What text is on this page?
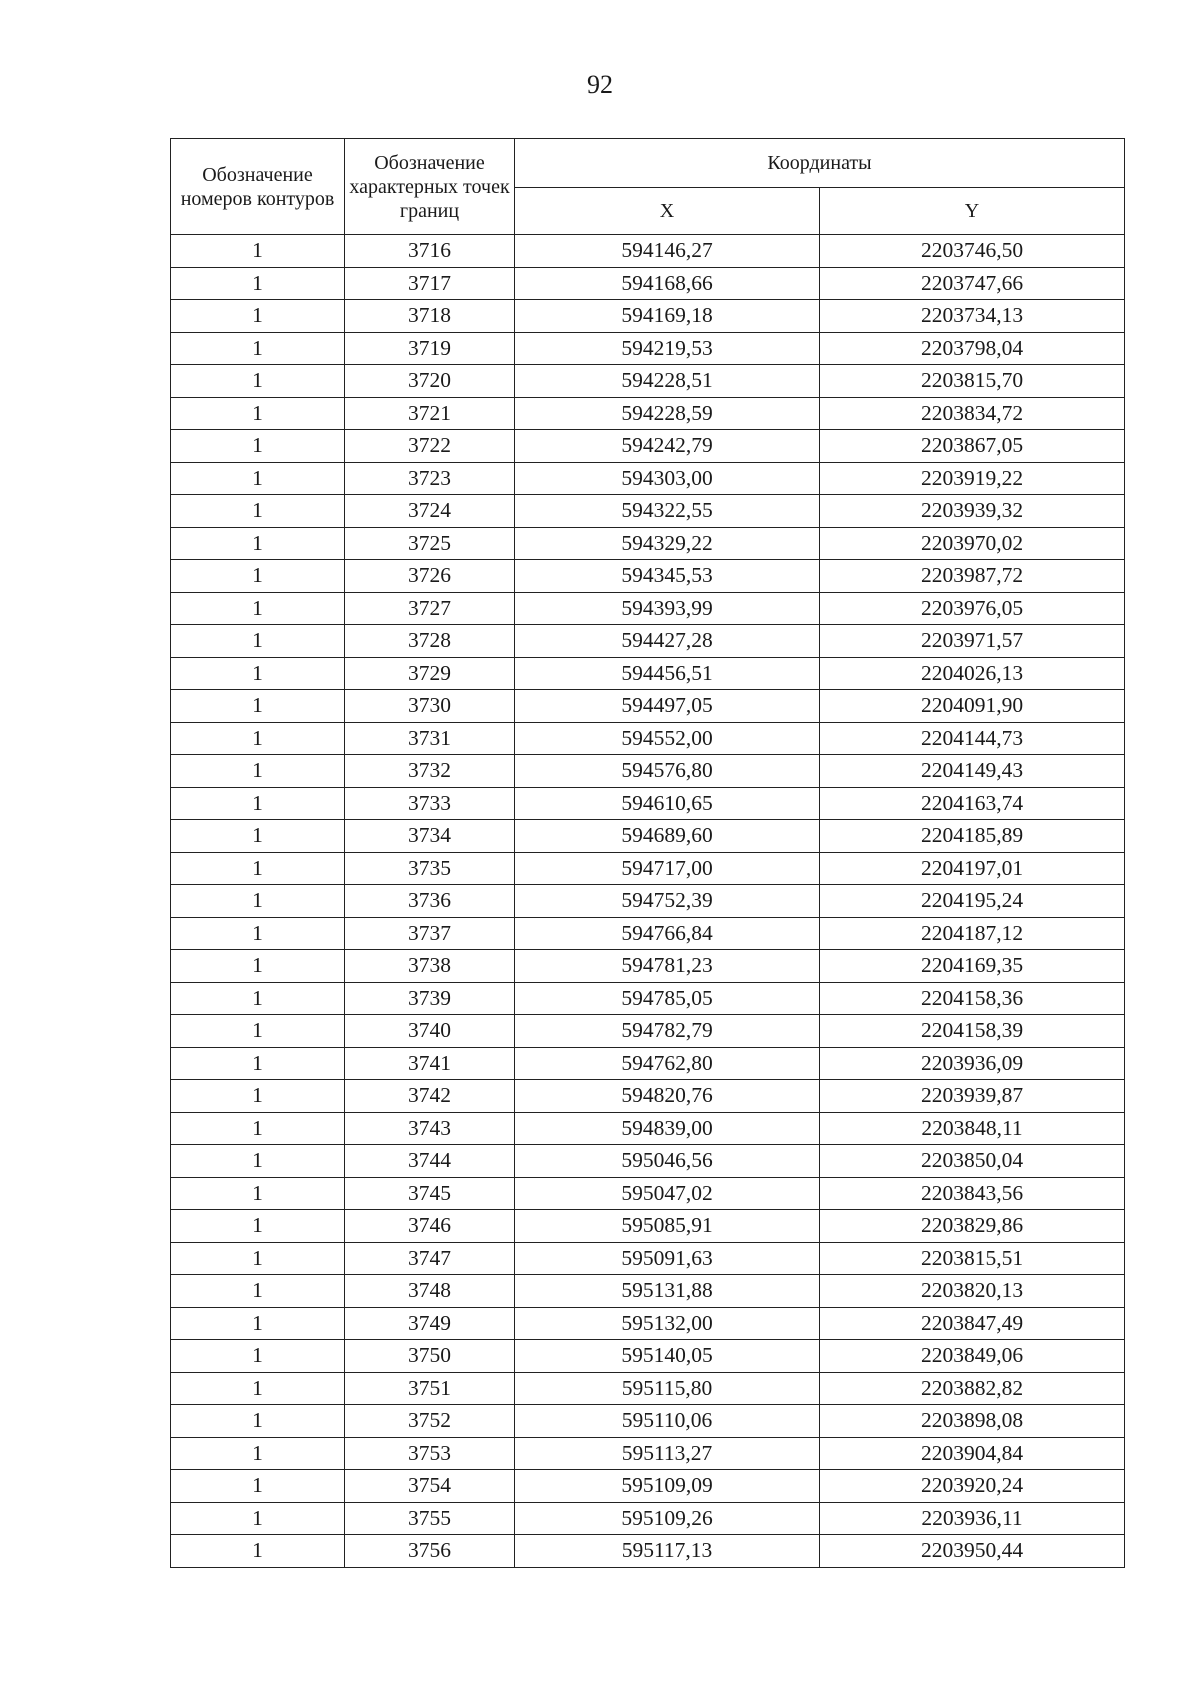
92
Обозначение номеров контуров	Обозначение характерных точек границ	Координаты	
		X	Y
1	3716	594146,27	2203746,50
1	3717	594168,66	2203747,66
1	3718	594169,18	2203734,13
1	3719	594219,53	2203798,04
1	3720	594228,51	2203815,70
1	3721	594228,59	2203834,72
1	3722	594242,79	2203867,05
1	3723	594303,00	2203919,22
1	3724	594322,55	2203939,32
1	3725	594329,22	2203970,02
1	3726	594345,53	2203987,72
1	3727	594393,99	2203976,05
1	3728	594427,28	2203971,57
1	3729	594456,51	2204026,13
1	3730	594497,05	2204091,90
1	3731	594552,00	2204144,73
1	3732	594576,80	2204149,43
1	3733	594610,65	2204163,74
1	3734	594689,60	2204185,89
1	3735	594717,00	2204197,01
1	3736	594752,39	2204195,24
1	3737	594766,84	2204187,12
1	3738	594781,23	2204169,35
1	3739	594785,05	2204158,36
1	3740	594782,79	2204158,39
1	3741	594762,80	2203936,09
1	3742	594820,76	2203939,87
1	3743	594839,00	2203848,11
1	3744	595046,56	2203850,04
1	3745	595047,02	2203843,56
1	3746	595085,91	2203829,86
1	3747	595091,63	2203815,51
1	3748	595131,88	2203820,13
1	3749	595132,00	2203847,49
1	3750	595140,05	2203849,06
1	3751	595115,80	2203882,82
1	3752	595110,06	2203898,08
1	3753	595113,27	2203904,84
1	3754	595109,09	2203920,24
1	3755	595109,26	2203936,11
1	3756	595117,13	2203950,44
